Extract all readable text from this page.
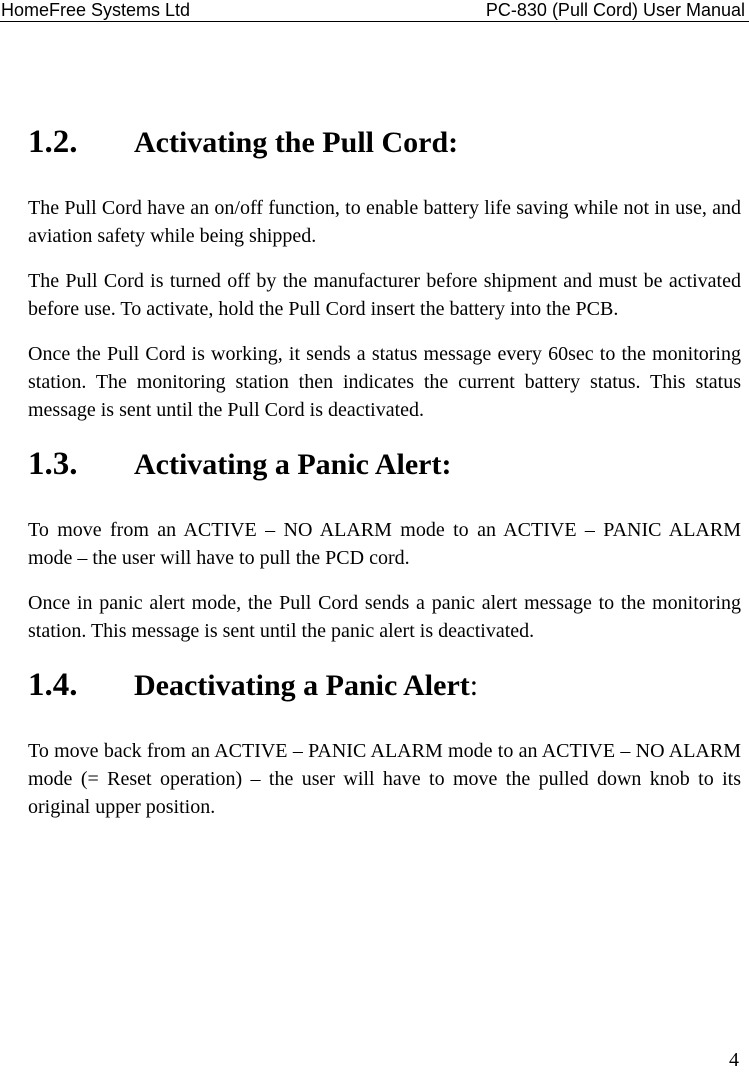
HomeFree Systems Ltd	PC-830 (Pull Cord) User Manual
1.2. Activating the Pull Cord:

The Pull Cord have an on/off function, to enable battery life saving while not in use, and aviation safety while being shipped.

The Pull Cord is turned off by the manufacturer before shipment and must be activated before use. To activate, hold the Pull Cord insert the battery into the PCB.

Once the Pull Cord is working, it sends a status message every 60sec to the monitoring station. The monitoring station then indicates the current battery status. This status message is sent until the Pull Cord is deactivated.

1.3. Activating a Panic Alert:

To move from an ACTIVE – NO ALARM mode to an ACTIVE – PANIC ALARM mode – the user will have to pull the PCD cord.

Once in panic alert mode, the Pull Cord sends a panic alert message to the monitoring station. This message is sent until the panic alert is deactivated.

1.4. Deactivating a Panic Alert:

To move back from an ACTIVE – PANIC ALARM mode to an ACTIVE – NO ALARM mode (= Reset operation) – the user will have to move the pulled down knob to its original upper position.

4
